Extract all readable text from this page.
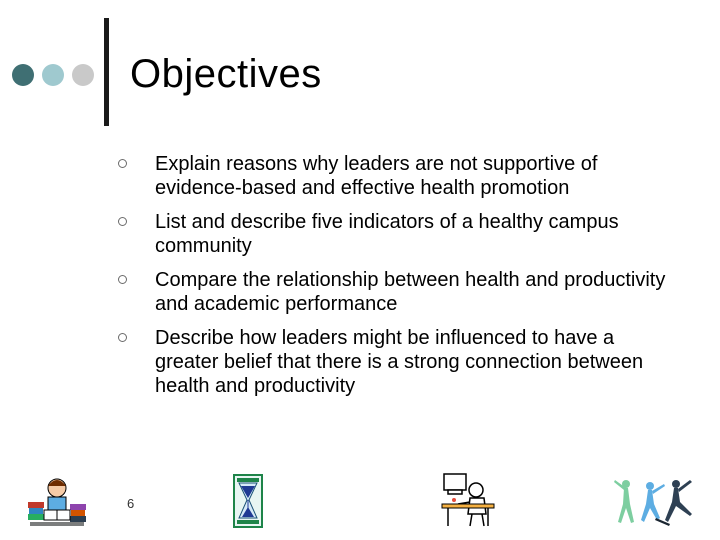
Objectives
Explain reasons why leaders are not supportive of evidence-based and effective health promotion
List and describe five indicators of a healthy campus community
Compare the relationship between health and productivity and academic performance
Describe how leaders might be influenced to have a greater belief that there is a strong connection between health and productivity
6
